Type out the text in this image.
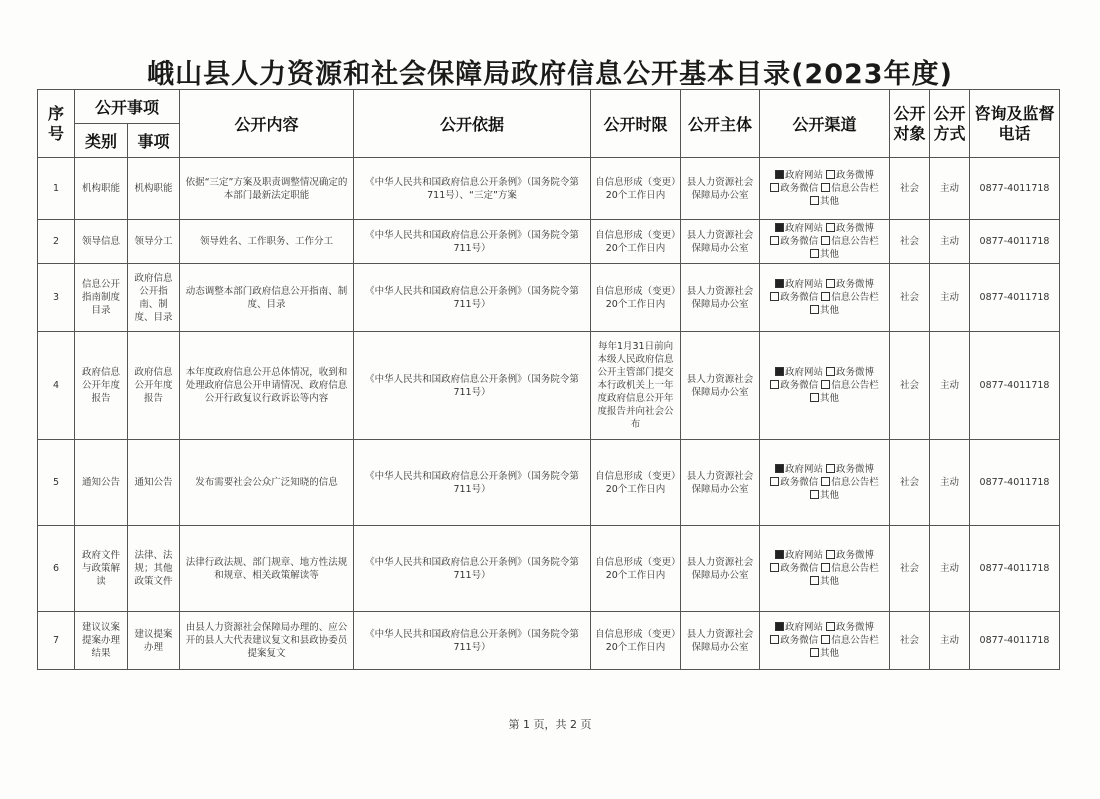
峨山县人力资源和社会保障局政府信息公开基本目录(2023年度)
序号	公开事项		公开内容	公开依据	公开时限	公开主体	公开渠道	公开对象	公开方式	咨询及监督电话
	类别	事项								
1	机构职能	机构职能	依据“三定”方案及职责调整情况确定的本部门最新法定职能	《中华人民共和国政府信息公开条例》（国务院令第711号）、“三定”方案	自信息形成（变更）20个工作日内	县人力资源社会保障局办公室	政府网站 政务微博
政务微信 信息公告栏 其他	社会	主动	0877-4011718
2	领导信息	领导分工	领导姓名、工作职务、工作分工	《中华人民共和国政府信息公开条例》（国务院令第711号）	自信息形成（变更）20个工作日内	县人力资源社会保障局办公室	政府网站 政务微博
政务微信 信息公告栏 其他	社会	主动	0877-4011718
3	信息公开指南制度目录	政府信息公开指南、制度、目录	动态调整本部门政府信息公开指南、制度、目录	《中华人民共和国政府信息公开条例》（国务院令第711号）	自信息形成（变更）20个工作日内	县人力资源社会保障局办公室	政府网站 政务微博
政务微信 信息公告栏 其他	社会	主动	0877-4011718
4	政府信息公开年度报告	政府信息公开年度报告	本年度政府信息公开总体情况，收到和处理政府信息公开申请情况、政府信息公开行政复议行政诉讼等内容	《中华人民共和国政府信息公开条例》（国务院令第711号）	每年1月31日前向本级人民政府信息公开主管部门提交本行政机关上一年度政府信息公开年度报告并向社会公布	县人力资源社会保障局办公室	政府网站 政务微博
政务微信 信息公告栏 其他	社会	主动	0877-4011718
5	通知公告	通知公告	发布需要社会公众广泛知晓的信息	《中华人民共和国政府信息公开条例》（国务院令第711号）	自信息形成（变更）20个工作日内	县人力资源社会保障局办公室	政府网站 政务微博
政务微信 信息公告栏 其他	社会	主动	0877-4011718
6	政府文件与政策解读	法律、法规；其他政策文件	法律行政法规、部门规章、地方性法规和规章、相关政策解读等	《中华人民共和国政府信息公开条例》（国务院令第711号）	自信息形成（变更）20个工作日内	县人力资源社会保障局办公室	政府网站 政务微博
政务微信 信息公告栏 其他	社会	主动	0877-4011718
7	建议议案提案办理结果	建议提案办理	由县人力资源社会保障局办理的、应公开的县人大代表建议复文和县政协委员提案复文	《中华人民共和国政府信息公开条例》（国务院令第711号）	自信息形成（变更）20个工作日内	县人力资源社会保障局办公室	政府网站 政务微博
政务微信 信息公告栏 其他	社会	主动	0877-4011718
第 1 页，共 2 页
